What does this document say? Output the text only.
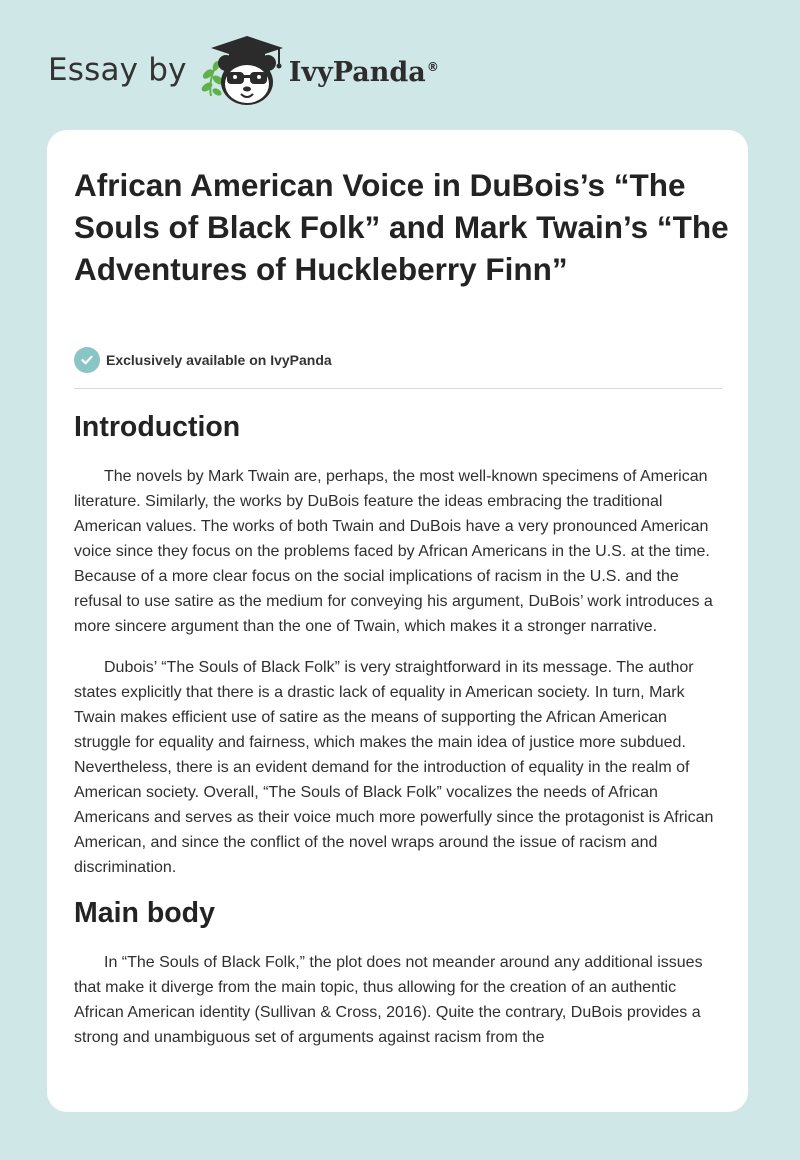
Essay by	IvyPanda®
African American Voice in DuBois’s “The Souls of Black Folk” and Mark Twain’s “The Adventures of Huckleberry Finn”
Exclusively available on IvyPanda
Introduction

The novels by Mark Twain are, perhaps, the most well-known specimens of American literature. Similarly, the works by DuBois feature the ideas embracing the traditional American values. The works of both Twain and DuBois have a very pronounced American voice since they focus on the problems faced by African Americans in the U.S. at the time. Because of a more clear focus on the social implications of racism in the U.S. and the refusal to use satire as the medium for conveying his argument, DuBois’ work introduces a more sincere argument than the one of Twain, which makes it a stronger narrative.

Dubois’ “The Souls of Black Folk” is very straightforward in its message. The author states explicitly that there is a drastic lack of equality in American society. In turn, Mark Twain makes efficient use of satire as the means of supporting the African American struggle for equality and fairness, which makes the main idea of justice more subdued. Nevertheless, there is an evident demand for the introduction of equality in the realm of American society. Overall, “The Souls of Black Folk” vocalizes the needs of African Americans and serves as their voice much more powerfully since the protagonist is African American, and since the conflict of the novel wraps around the issue of racism and discrimination.

Main body

In “The Souls of Black Folk,” the plot does not meander around any additional issues that make it diverge from the main topic, thus allowing for the creation of an authentic African American identity (Sullivan & Cross, 2016). Quite the contrary, DuBois provides a strong and unambiguous set of arguments against racism from the
